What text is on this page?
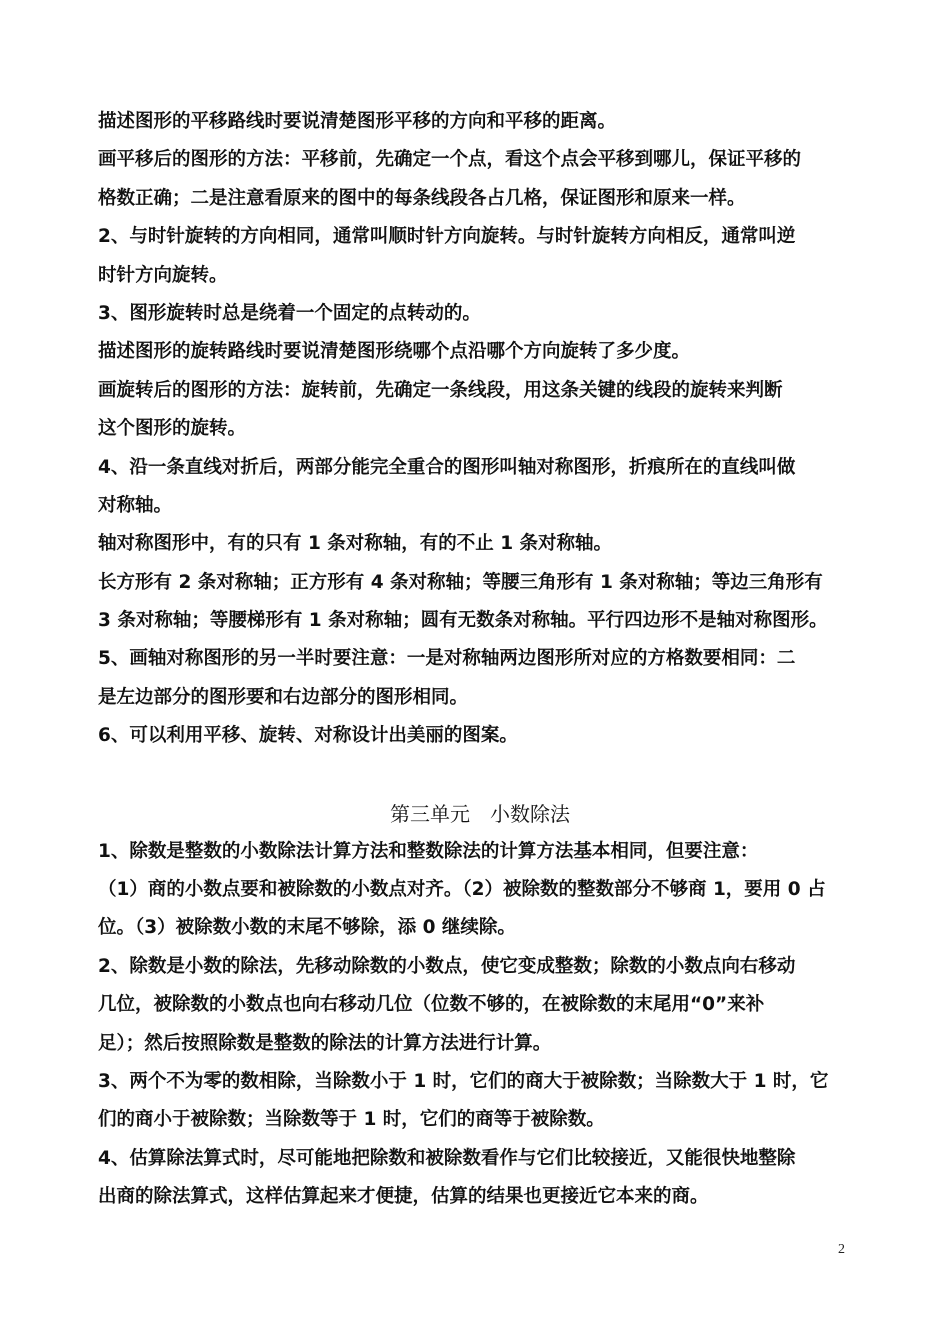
描述图形的平移路线时要说清楚图形平移的方向和平移的距离。
画平移后的图形的方法：平移前，先确定一个点，看这个点会平移到哪儿，保证平移的
格数正确；二是注意看原来的图中的每条线段各占几格，保证图形和原来一样。
2、与时针旋转的方向相同，通常叫顺时针方向旋转。与时针旋转方向相反，通常叫逆
时针方向旋转。
3、图形旋转时总是绕着一个固定的点转动的。
描述图形的旋转路线时要说清楚图形绕哪个点沿哪个方向旋转了多少度。
画旋转后的图形的方法：旋转前，先确定一条线段，用这条关键的线段的旋转来判断
这个图形的旋转。
4、沿一条直线对折后，两部分能完全重合的图形叫轴对称图形，折痕所在的直线叫做
对称轴。
轴对称图形中，有的只有 1 条对称轴，有的不止 1 条对称轴。
长方形有 2 条对称轴；正方形有 4 条对称轴；等腰三角形有 1 条对称轴；等边三角形有
3 条对称轴；等腰梯形有 1 条对称轴；圆有无数条对称轴。平行四边形不是轴对称图形。
5、画轴对称图形的另一半时要注意：一是对称轴两边图形所对应的方格数要相同：二
是左边部分的图形要和右边部分的图形相同。
6、可以利用平移、旋转、对称设计出美丽的图案。
第三单元　小数除法
1、除数是整数的小数除法计算方法和整数除法的计算方法基本相同，但要注意：
（1）商的小数点要和被除数的小数点对齐。（2）被除数的整数部分不够商 1，要用 0 占
位。（3）被除数小数的末尾不够除，添 0 继续除。
2、除数是小数的除法，先移动除数的小数点，使它变成整数；除数的小数点向右移动
几位，被除数的小数点也向右移动几位（位数不够的，在被除数的末尾用“0”来补
足）；然后按照除数是整数的除法的计算方法进行计算。
3、两个不为零的数相除，当除数小于 1 时，它们的商大于被除数；当除数大于 1 时，它
们的商小于被除数；当除数等于 1 时，它们的商等于被除数。
4、估算除法算式时，尽可能地把除数和被除数看作与它们比较接近，又能很快地整除
出商的除法算式，这样估算起来才便捷，估算的结果也更接近它本来的商。
2
